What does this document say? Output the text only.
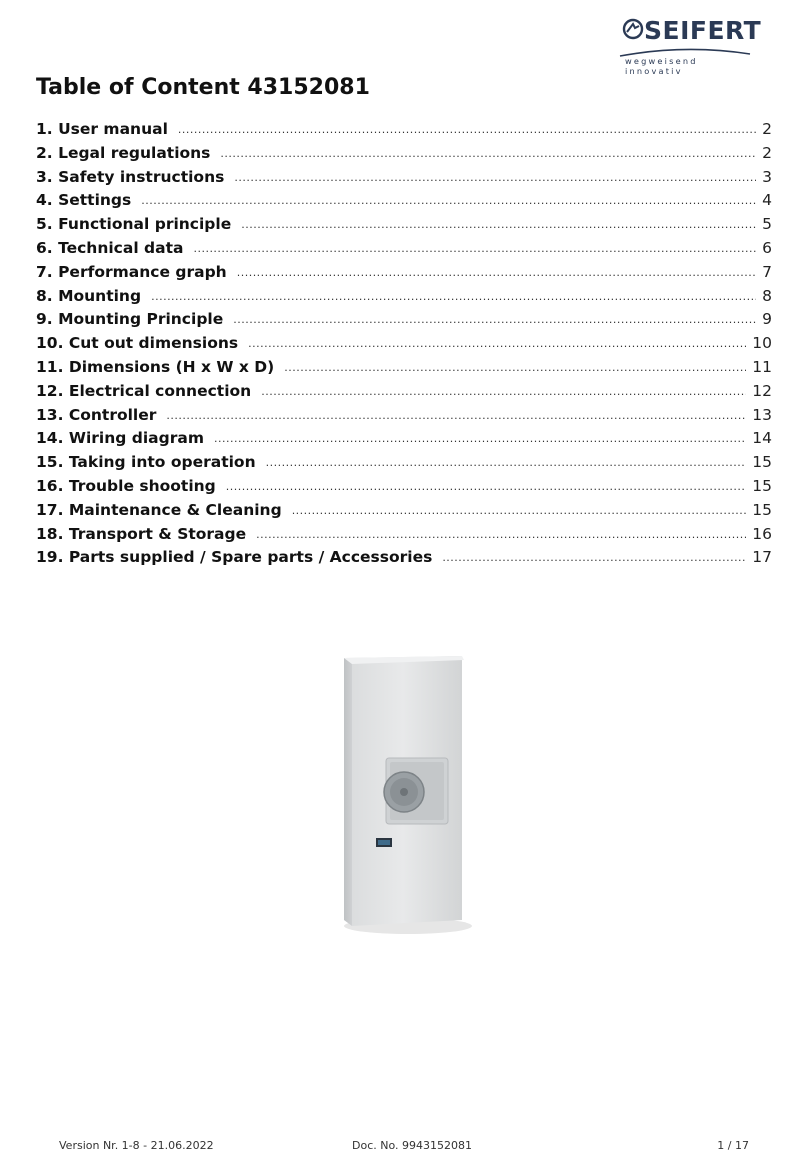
SEIFERT
wegweisend innovativ
Table of Content 43152081
1. User manual .....	2
2. Legal regulations .....	2
3. Safety instructions .....	3
4. Settings .....	4
5. Functional principle .....	5
6. Technical data .....	6
7. Performance graph .....	7
8. Mounting .....	8
9. Mounting Principle .....	9
10. Cut out dimensions .....	10
11. Dimensions (H x W x D) .....	11
12. Electrical connection .....	12
13. Controller .....	13
14. Wiring diagram .....	14
15. Taking into operation .....	15
16. Trouble shooting .....	15
17. Maintenance & Cleaning .....	15
18. Transport & Storage .....	16
19. Parts supplied / Spare parts / Accessories .....	17
Version Nr. 1-8 - 21.06.2022	Doc. No. 9943152081	1 / 17
